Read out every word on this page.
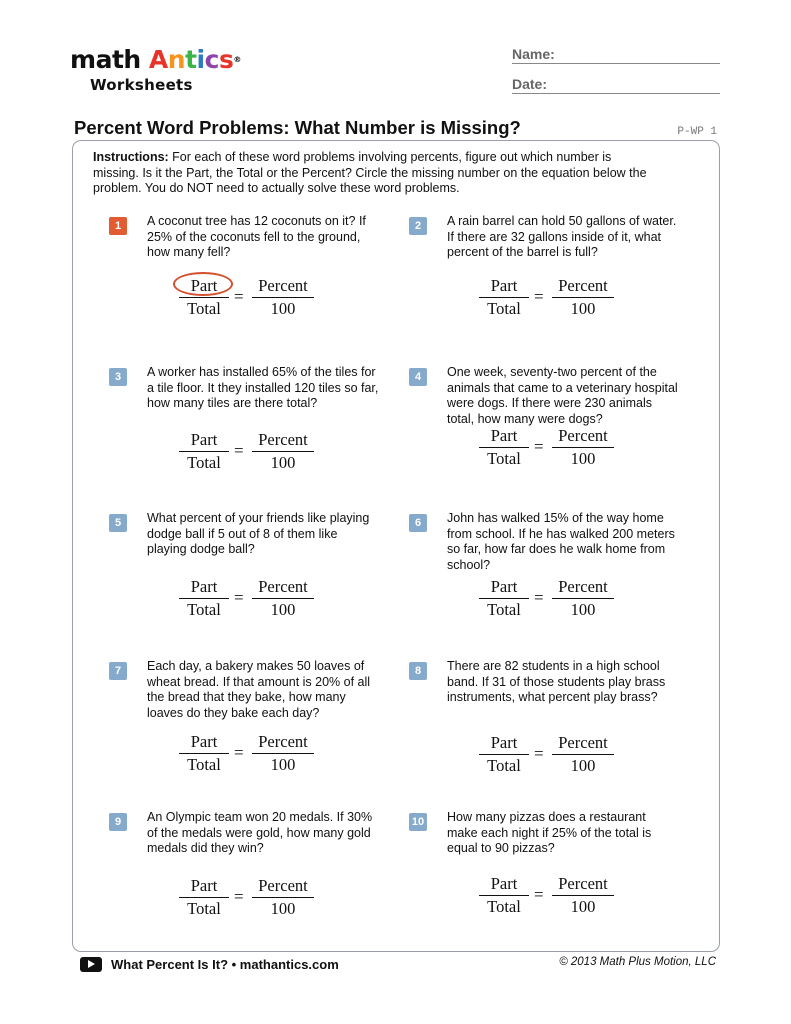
math Antics®
Worksheets
Name:
Date:
Percent Word Problems: What Number is Missing?	P-WP 1
Instructions: For each of these word problems involving percents, figure out which number is missing. Is it the Part, the Total or the Percent? Circle the missing number on the equation below the problem. You do NOT need to actually solve these word problems.
1	A coconut tree has 12 coconuts on it? If 25% of the coconuts fell to the ground, how many fell?
Part
Total
=
Percent
100
2	A rain barrel can hold 50 gallons of water. If there are 32 gallons inside of it, what percent of the barrel is full?
Part
Total
=
Percent
100
3	A worker has installed 65% of the tiles for a tile floor. It they installed 120 tiles so far, how many tiles are there total?
Part
Total
=
Percent
100
4	One week, seventy-two percent of the animals that came to a veterinary hospital were dogs. If there were 230 animals total, how many were dogs?
Part
Total
=
Percent
100
5	What percent of your friends like playing dodge ball if 5 out of 8 of them like playing dodge ball?
Part
Total
=
Percent
100
6	John has walked 15% of the way home from school. If he has walked 200 meters so far, how far does he walk home from school?
Part
Total
=
Percent
100
7	Each day, a bakery makes 50 loaves of wheat bread. If that amount is 20% of all the bread that they bake, how many loaves do they bake each day?
Part
Total
=
Percent
100
8	There are 82 students in a high school band. If 31 of those students play brass instruments, what percent play brass?
Part
Total
=
Percent
100
9	An Olympic team won 20 medals. If 30% of the medals were gold, how many gold medals did they win?
Part
Total
=
Percent
100
10 How many pizzas does a restaurant make each night if 25% of the total is equal to 90 pizzas?
Part
Total
=
Percent
100
What Percent Is It? • mathantics.com	© 2013 Math Plus Motion, LLC
